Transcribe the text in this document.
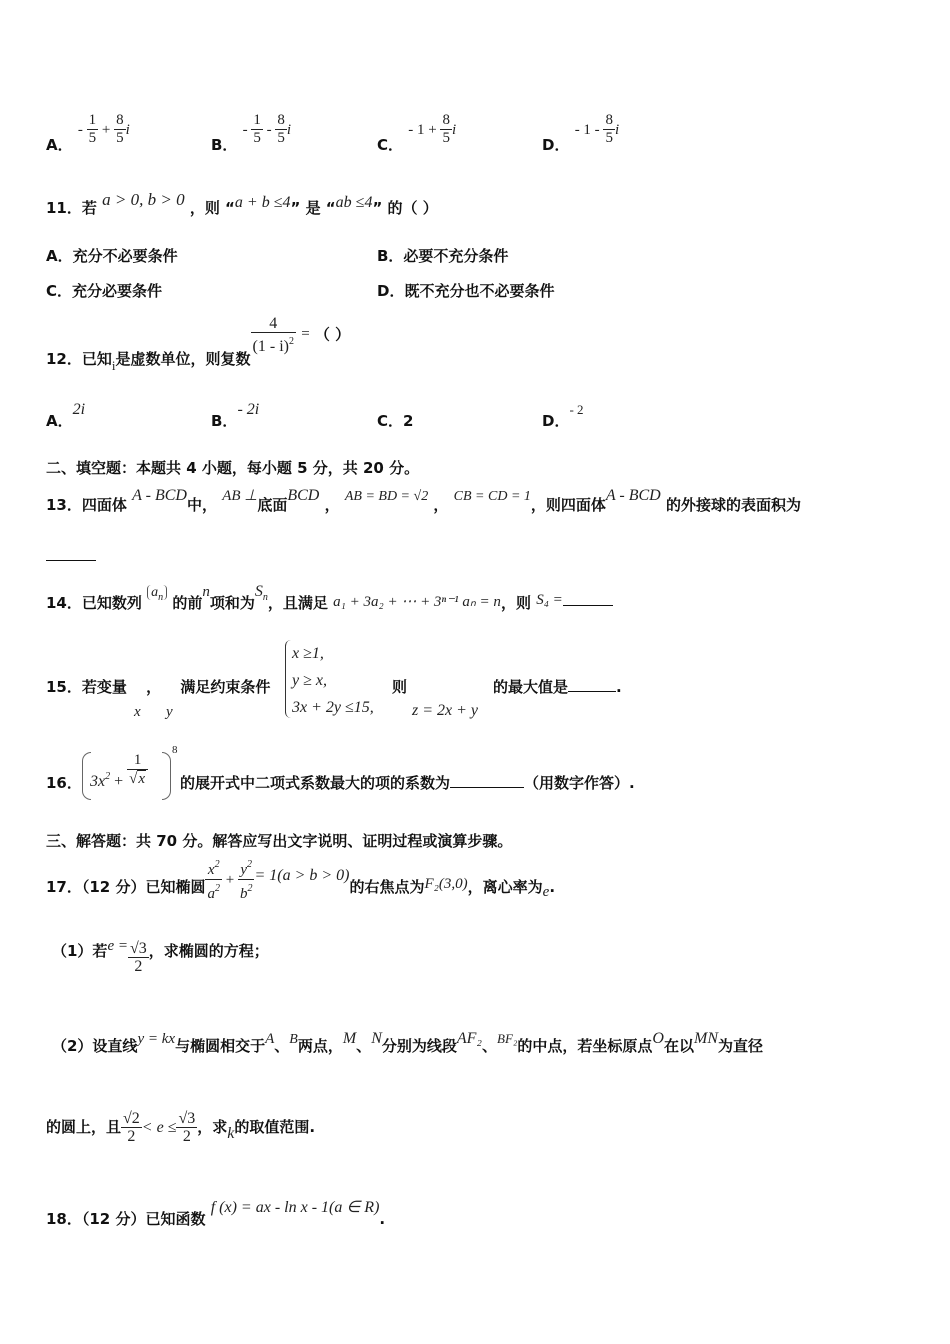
A． - $\frac{1}{5} + \frac{8}{5}$ i
B． - $\frac{1}{5} - \frac{8}{5}$ i
C． - $1 + \frac{8}{5}$ i
D． - $1 - \frac{8}{5}$ i
11．若 a > 0, b > 0 ，则 “a + b ≤4” 是 “ab ≤4” 的（ ）
A．充分不必要条件	B．必要不充分条件
C．充分必要条件	D．既不充分也不必要条件
12．已知i是虚数单位，则复数
$\frac{4}{(1 - i)^2}$ = （ ）
A．2i
B．- 2i
C．2	D．- 2
二、填空题：本题共 4 小题，每小题 5 分，共 20 分。
13．四面体 A - BCD中， AB ⊥底面BCD ， AB = BD = √2 ， CB = CD = 1，则四面体A - BCD 的外接球的表面积为
14．已知数列 $a_n$ 的前n项和为$S_n$，且满足 a₁ + 3a₂ + ⋯ + 3ⁿ⁻¹ aₙ = n，则 S₄ =
15．若变量 ， 满足约束条件
x y
x ≥1,
y ≥ x,
3x + 2y ≤15,
则
z = 2x + y
的最大值是	.
16． $3x^2 + \frac{1}{√x}$
8
的展开式中二项式系数最大的项的系数为	（用数字作答）.
三、解答题：共 70 分。解答应写出文字说明、证明过程或演算步骤。
17．（12 分）已知椭圆 $\frac{x^2}{a^2} + \frac{y^2}{b^2} = 1(a > b > 0)$的右焦点为F₂(3,0)，离心率为e.
（1）若$e = \frac{√3}{2}$ ，求椭圆的方程；
（2）设直线y = kx与椭圆相交于A、B两点，M、N分别为线段AF₂、BF₂的中点，若坐标原点O在以MN为直径
的圆上，且 $\frac{√2}{2} < e \le \frac{√3}{2}$ ，求k的取值范围.
18．（12 分）已知函数 f (x) = ax - ln x - 1(a ∈ R).
